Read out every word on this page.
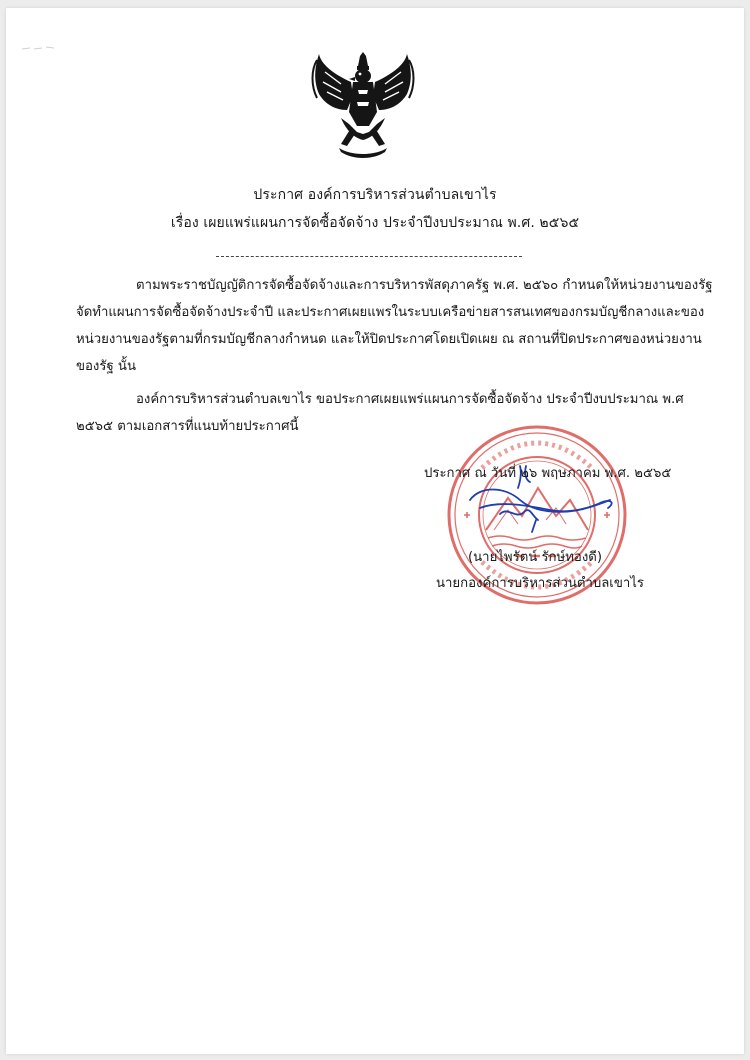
ประกาศ องค์การบริหารส่วนตำบลเขาไร
เรื่อง เผยแพร่แผนการจัดซื้อจัดจ้าง ประจำปีงบประมาณ พ.ศ. ๒๕๖๕
ตามพระราชบัญญัติการจัดซื้อจัดจ้างและการบริหารพัสดุภาครัฐ พ.ศ. ๒๕๖๐ กำหนดให้หน่วยงานของรัฐ
จัดทำแผนการจัดซื้อจัดจ้างประจำปี และประกาศเผยแพรในระบบเครือข่ายสารสนเทศของกรมบัญชีกลางและของ
หน่วยงานของรัฐตามที่กรมบัญชีกลางกำหนด และให้ปิดประกาศโดยเปิดเผย ณ สถานที่ปิดประกาศของหน่วยงาน
ของรัฐ นั้น
องค์การบริหารส่วนตำบลเขาไร ขอประกาศเผยแพร่แผนการจัดซื้อจัดจ้าง ประจำปีงบประมาณ พ.ศ
๒๕๖๕ ตามเอกสารที่แนบท้ายประกาศนี้
ประกาศ ณ วันที่ ๒๖ พฤษภาคม พ.ศ. ๒๕๖๕
(นายไพรัตน์ รักษ์ทองดี)
นายกองค์การบริหารส่วนตำบลเขาไร
